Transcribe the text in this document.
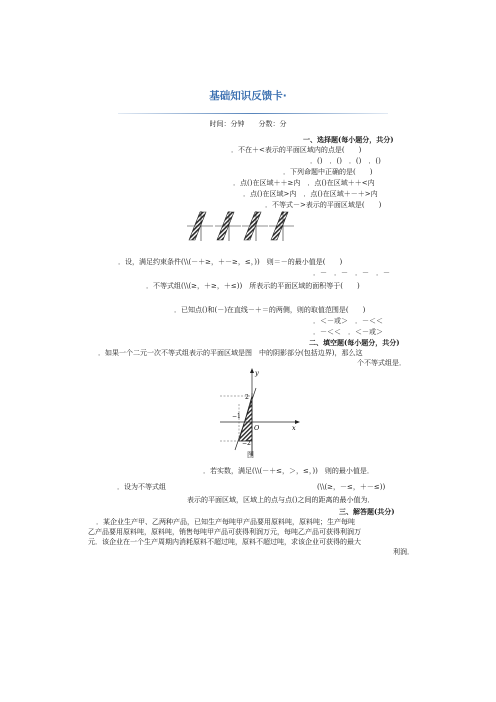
基础知识反馈卡·
时间：分钟　　分数：分
一、选择题(每小题分，共分)
．不在＋<表示的平面区域内的点是(　　)
．()　．()　．()　．()
．下列命题中正确的是(　　)
．点()在区域＋＋≥内　．点()在区域＋＋<内
．点()在区域>内　．点()在区域＋－＋>内
．不等式－>表示的平面区域是(　　)
．设，满足约束条件(\\(－＋≥，＋－≥，≤，))　则＝－的最小值是(　　)
．－　．－　．－　．－
．不等式组(\\(≥，＋≥，＋≤))　所表示的平面区域的面积等于(　　)
．已知点()和(－)在直线－＋＝的两侧，则的取值范围是(　　)
．＜－或＞　．－＜＜
．－＜＜　．＜－或＞
二、填空题(每小题分，共分)
．如果一个二元一次不等式组表示的平面区域是图　中的阴影部分(包括边界)，那么这
个不等式组是．
y
x
O
2
−1
−2
图
．若实数，满足(\\(－＋≤，＞，≤，))　则的最小值是．
．设为不等式组	(\\(≥，－≤，＋－≤))
表示的平面区域，区域上的点与点()之间的距离的最小值为．
三、解答题(共分)
．某企业生产甲、乙两种产品，已知生产每吨甲产品要用原料吨，原料吨；生产每吨
乙产品要用原料吨，原料吨，销售每吨甲产品可获得利润万元，每吨乙产品可获得利润万
元．该企业在一个生产周期内消耗原料不超过吨，原料不超过吨，求该企业可获得的最大
利润．
